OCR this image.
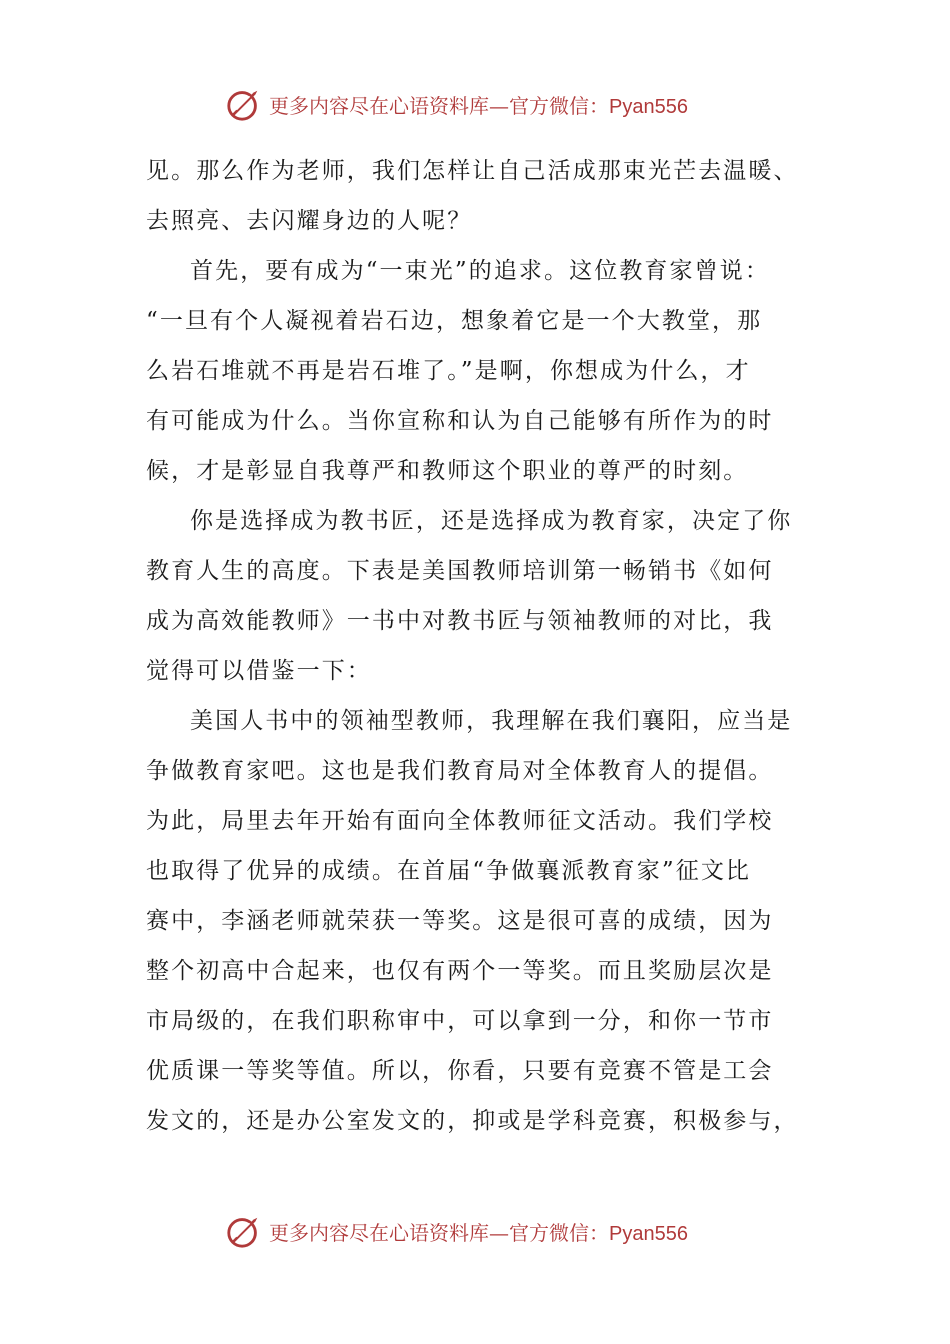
更多内容尽在心语资料库—官方微信：Pyan556
见。那么作为老师，我们怎样让自己活成那束光芒去温暖、
去照亮、去闪耀身边的人呢？
首先，要有成为“一束光”的追求。这位教育家曾说：
“一旦有个人凝视着岩石边，想象着它是一个大教堂，那
么岩石堆就不再是岩石堆了。”是啊，你想成为什么，才
有可能成为什么。当你宣称和认为自己能够有所作为的时
候，才是彰显自我尊严和教师这个职业的尊严的时刻。
你是选择成为教书匠，还是选择成为教育家，决定了你
教育人生的高度。下表是美国教师培训第一畅销书《如何
成为高效能教师》一书中对教书匠与领袖教师的对比，我
觉得可以借鉴一下：
美国人书中的领袖型教师，我理解在我们襄阳，应当是
争做教育家吧。这也是我们教育局对全体教育人的提倡。
为此，局里去年开始有面向全体教师征文活动。我们学校
也取得了优异的成绩。在首届“争做襄派教育家”征文比
赛中，李涵老师就荣获一等奖。这是很可喜的成绩，因为
整个初高中合起来，也仅有两个一等奖。而且奖励层次是
市局级的，在我们职称审中，可以拿到一分，和你一节市
优质课一等奖等值。所以，你看，只要有竞赛不管是工会
发文的，还是办公室发文的，抑或是学科竞赛，积极参与，
更多内容尽在心语资料库—官方微信：Pyan556
